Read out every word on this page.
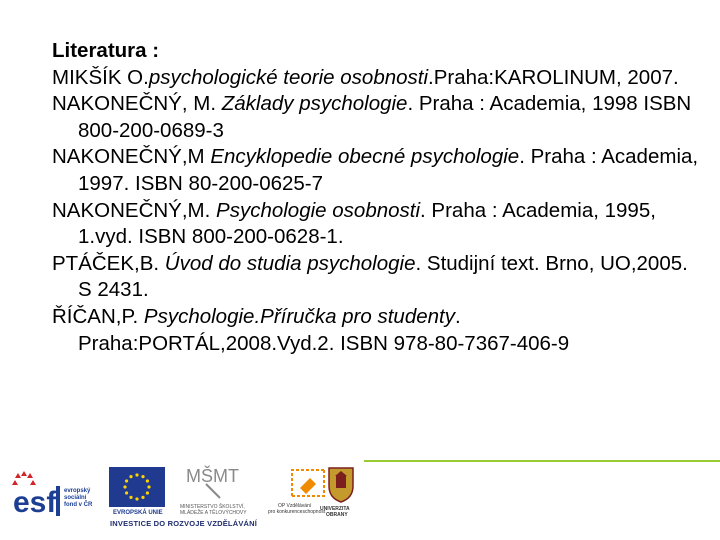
Literatura :
MIKŠÍK O.psychologické teorie osobnosti.Praha:KAROLINUM, 2007.
NAKONEČNÝ, M. Základy psychologie. Praha : Academia, 1998 ISBN 800-200-0689-3
NAKONEČNÝ,M Encyklopedie obecné psychologie. Praha : Academia, 1997. ISBN 80-200-0625-7
NAKONEČNÝ,M. Psychologie osobnosti. Praha : Academia, 1995, 1.vyd. ISBN 800-200-0628-1.
PTÁČEK,B. Úvod do studia psychologie. Studijní text. Brno, UO,2005. S 2431.
ŘÍČAN,P. Psychologie.Příručka pro studenty. Praha:PORTÁL,2008.Vyd.2. ISBN 978-80-7367-406-9
esf evropský
sociální
fond v ČR
EVROPSKÁ UNIE
MŠMT
MINISTERSTVO ŠKOLSTVÍ,
MLÁDEŽE A TĚLOVÝCHOVY
OP Vzdělávání
pro konkurenceschopnost
UNIVERZITA
OBRANY
INVESTICE DO ROZVOJE VZDĚLÁVÁNÍ
